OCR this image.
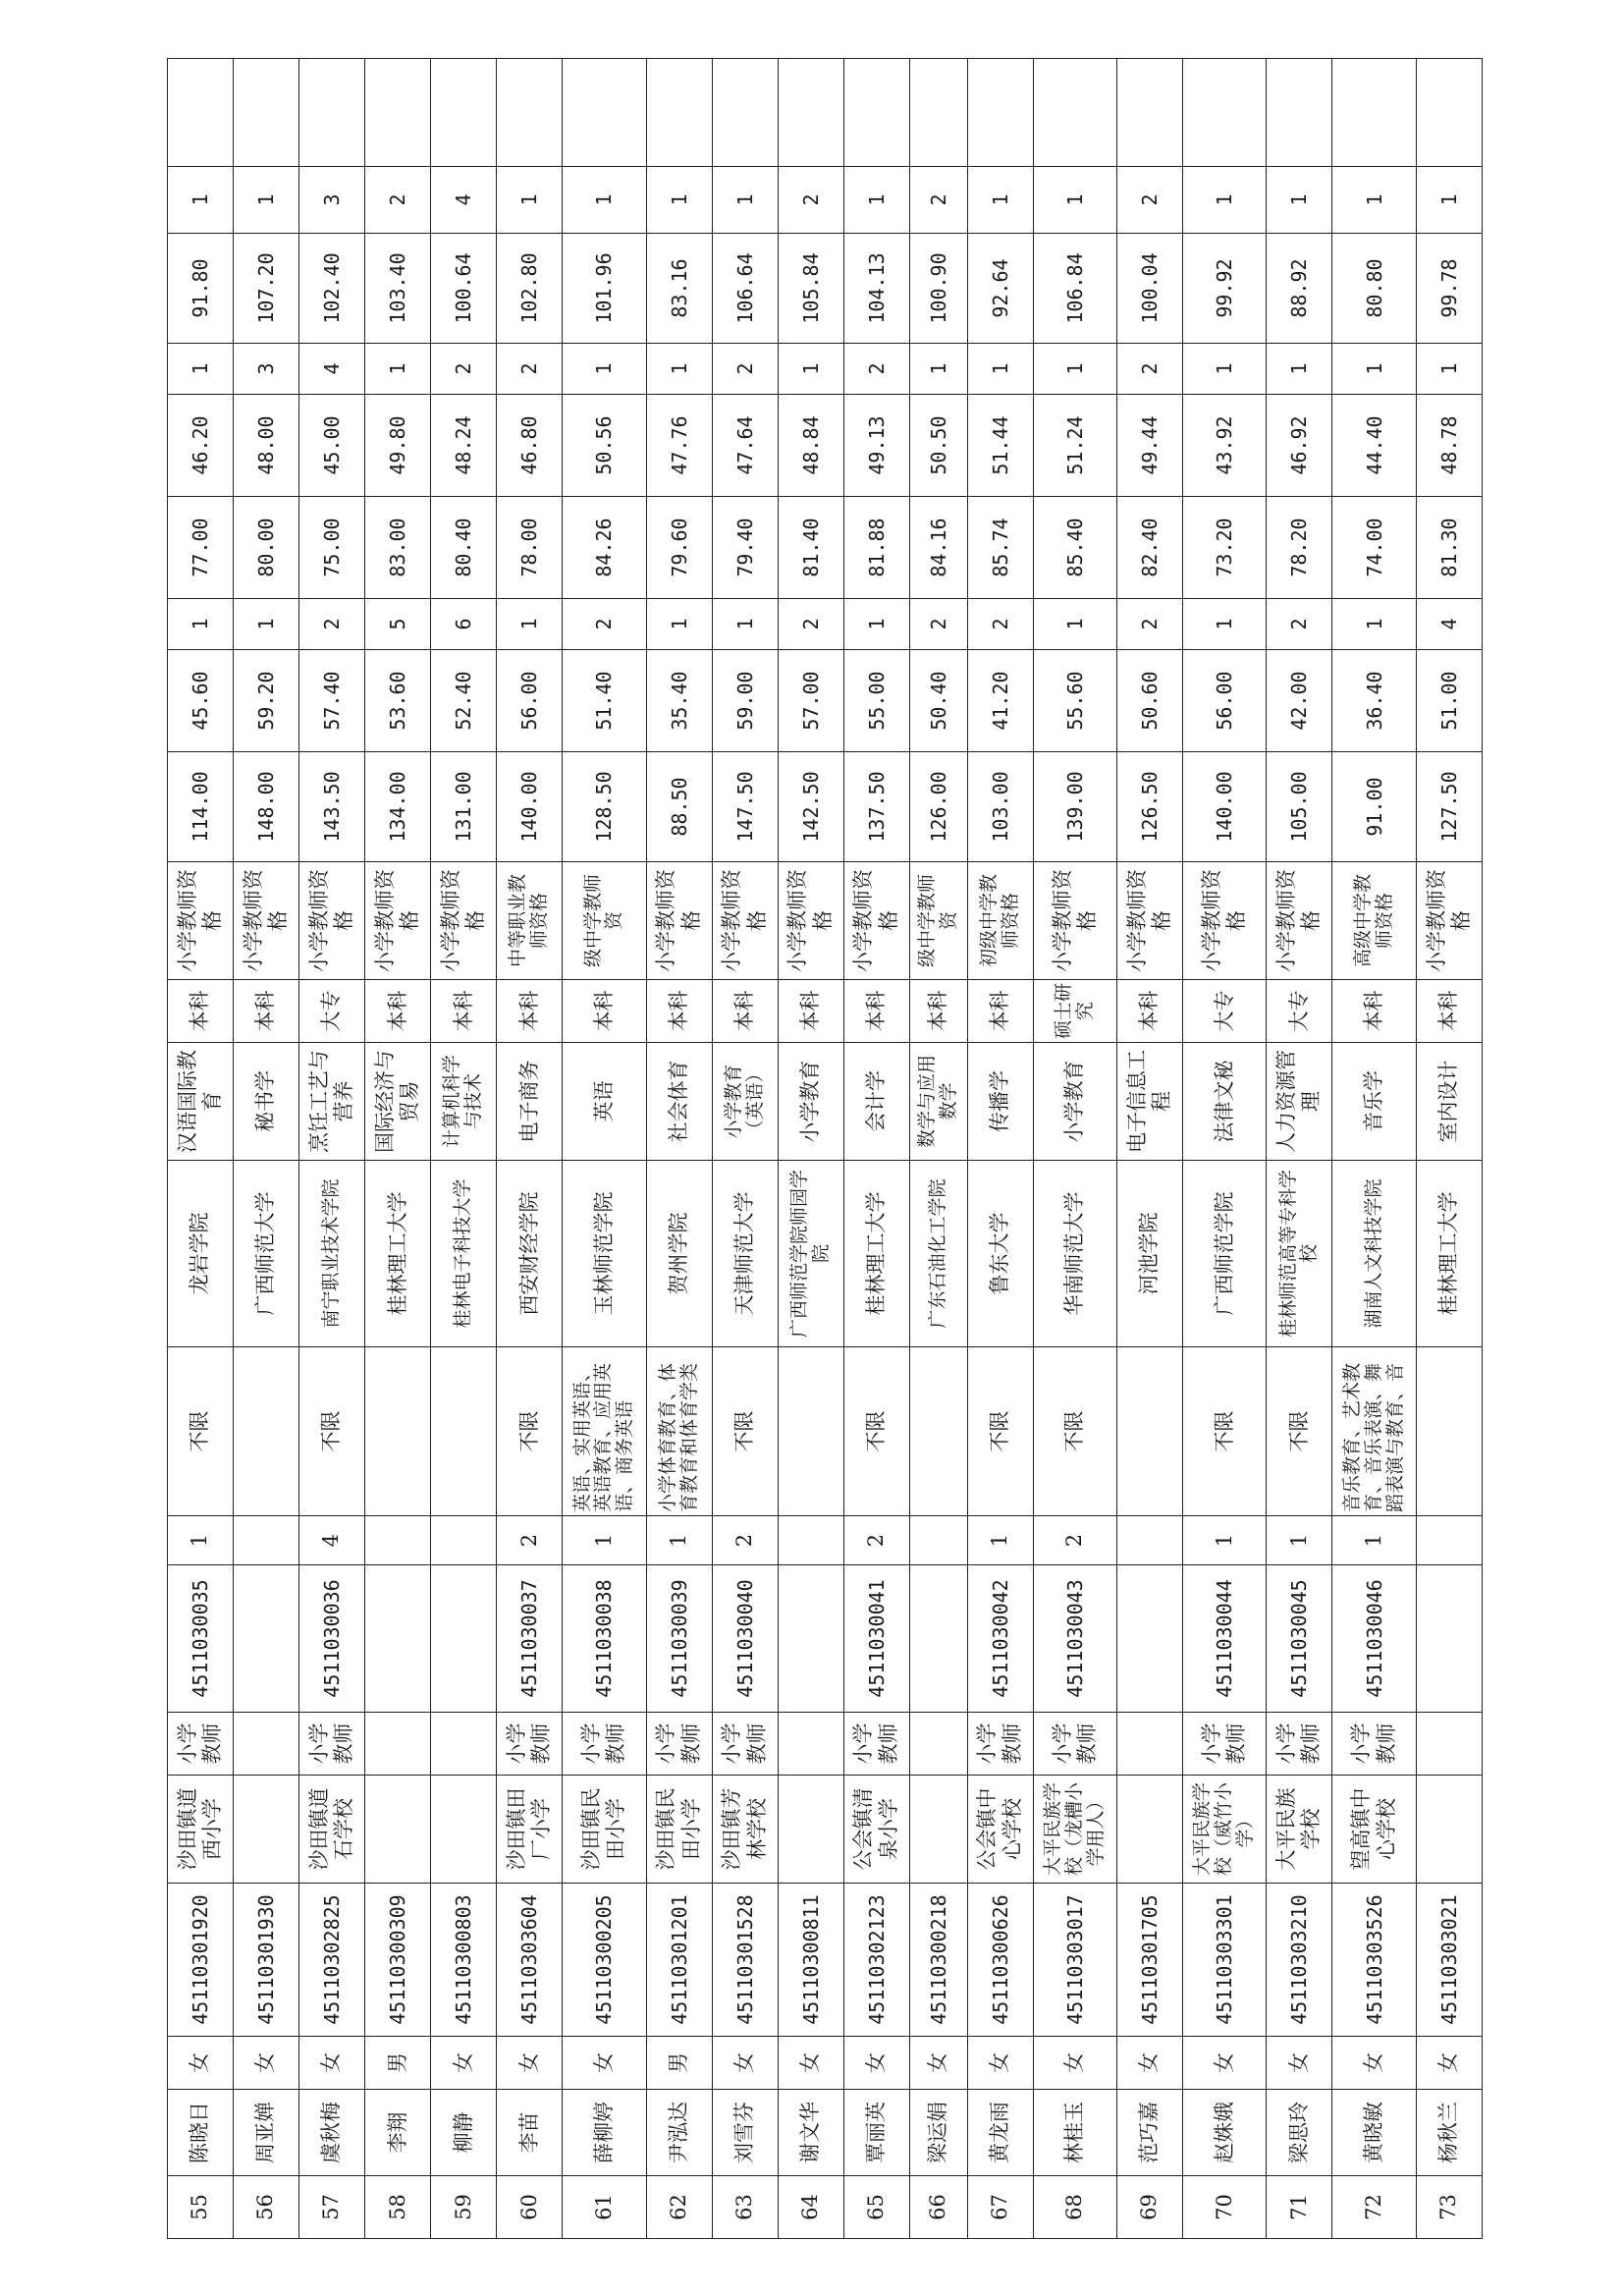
55	陈晓日	女	45110301920	沙田镇道西小学	小学教师	4511030035	1	不限	龙岩学院	汉语国际教育	本科	小学教师资格	114.00	45.60	1	77.00	46.20	1	91.80	1	
56	周亚婵	女	45110301930						广西师范大学	秘书学	本科	小学教师资格	148.00	59.20	1	80.00	48.00	3	107.20	1	
57	虞秋梅	女	45110302825	沙田镇道石学校	小学教师	4511030036	4	不限	南宁职业技术学院	烹饪工艺与营养	大专	小学教师资格	143.50	57.40	2	75.00	45.00	4	102.40	3	
58	李翔	男	45110300309						桂林理工大学	国际经济与贸易	本科	小学教师资格	134.00	53.60	5	83.00	49.80	1	103.40	2	
59	柳静	女	45110300803						桂林电子科技大学	计算机科学与技术	本科	小学教师资格	131.00	52.40	6	80.40	48.24	2	100.64	4	
60	李苗	女	45110303604	沙田镇田厂小学	小学教师	4511030037	2	不限	西安财经学院	电子商务	本科	中等职业教师资格	140.00	56.00	1	78.00	46.80	2	102.80	1	
61	薛柳婷	女	45110300205	沙田镇民田小学	小学教师	4511030038	1	英语、实用英语、英语教育、应用英语、商务英语	玉林师范学院	英语	本科	级中学教师资	128.50	51.40	2	84.26	50.56	1	101.96	1	
62	尹泓达	男	45110301201	沙田镇民田小学	小学教师	4511030039	1	小学体育教育、体育教育和体育学类	贺州学院	社会体育	本科	小学教师资格	88.50	35.40	1	79.60	47.76	1	83.16	1	
63	刘雪芬	女	45110301528	沙田镇芳林学校	小学教师	4511030040	2	不限	天津师范大学	小学教育（英语）	本科	小学教师资格	147.50	59.00	1	79.40	47.64	2	106.64	1	
64	谢文华	女	45110300811						广西师范学院师园学院	小学教育	本科	小学教师资格	142.50	57.00	2	81.40	48.84	1	105.84	2	
65	覃丽英	女	45110302123	公会镇清泉小学	小学教师	4511030041	2	不限	桂林理工大学	会计学	本科	小学教师资格	137.50	55.00	1	81.88	49.13	2	104.13	1	
66	梁运娟	女	45110300218						广东石油化工学院	数学与应用数学	本科	级中学教师资	126.00	50.40	2	84.16	50.50	1	100.90	2	
67	黄龙雨	女	45110300626	公会镇中心学校	小学教师	4511030042	1	不限	鲁东大学	传播学	本科	初级中学教师资格	103.00	41.20	2	85.74	51.44	1	92.64	1	
68	林桂玉	女	45110303017	大平民族学校（龙槽小学用人）	小学教师	4511030043	2	不限	华南师范大学	小学教育	硕士研究	小学教师资格	139.00	55.60	1	85.40	51.24	1	106.84	1	
69	范巧嘉	女	45110301705						河池学院	电子信息工程	本科	小学教师资格	126.50	50.60	2	82.40	49.44	2	100.04	2	
70	赵姝娥	女	45110303301	大平民族学校（威竹小学）	小学教师	4511030044	1	不限	广西师范学院	法律文秘	大专	小学教师资格	140.00	56.00	1	73.20	43.92	1	99.92	1	
71	梁思玲	女	45110303210	大平民族学校	小学教师	4511030045	1	不限	桂林师范高等专科学校	人力资源管理	大专	小学教师资格	105.00	42.00	2	78.20	46.92	1	88.92	1	
72	黄晓敏	女	45110303526	望高镇中心学校	小学教师	4511030046	1	音乐教育、艺术教育、音乐表演、舞蹈表演与教育、音	湖南人文科技学院	音乐学	本科	高级中学教师资格	91.00	36.40	1	74.00	44.40	1	80.80	1	
73	杨秋兰	女	45110303021						桂林理工大学	室内设计	本科	小学教师资格	127.50	51.00	4	81.30	48.78	1	99.78	1	
